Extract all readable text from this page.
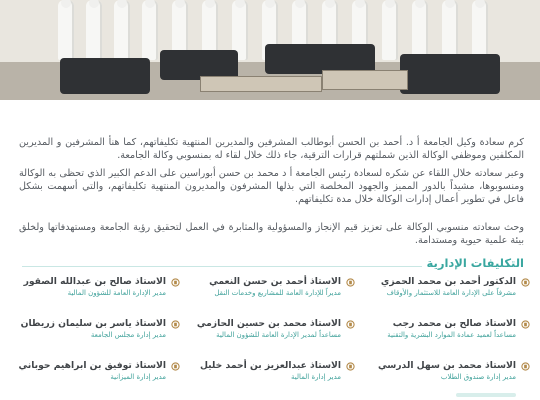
كرم سعادة وكيل الجامعة أ د. أحمد بن الحسن أبوطالب المشرفين والمديرين المنتهية تكليفاتهم، كما هنأ المشرفين و المديرين المكلفين وموظفي الوكالة الذين شملتهم قرارات الترقية، جاء ذلك خلال لقاء له بمنسوبي وكالة الجامعة.

وعبر سعادته خلال اللقاء عن شكره لسعادة رئيس الجامعة أ د محمد بن حسن أبوراسين على الدعم الكبير الذي تحظى به الوكالة ومنسوبوها، مشيداً بالدور المميز والجهود المخلصة التي بذلها المشرفون والمديرون المنتهية تكليفاتهم، والتي أسهمت بشكل فاعل في تطوير أعمال إدارات الوكالة خلال مدة تكليفاتهم.

وحث سعادته منسوبي الوكالة على تعزيز قيم الإنجاز والمسؤولية والمثابرة في العمل لتحقيق رؤية الجامعة ومستهدفاتها ولخلق بيئة علمية حيوية ومستدامة.

التكليفات الإدارية
الدكتور أحمد بن محمد الحمزي
مشرفاً على الإدارة العامة للاستثمار والأوقاف
الاستاذ أحمد بن حسن النعمي
مديراً للإدارة العامة للمشاريع وخدمات النقل
الاستاذ صالح بن عبدالله الصقور
مدير الإدارة العامة للشؤون المالية
الاستاذ صالح بن محمد رجب
مساعداً لعميد عمادة الموارد البشرية والتقنية
الاستاذ محمد بن حسين الحازمي
مساعداً لمدير الإدارة العامة للشؤون المالية
الاستاذ ياسر بن سليمان زريطان
مدير إدارة مجلس الجامعة
الاستاذ محمد بن سهل الدرسي
مدير إدارة صندوق الطلاب
الاستاذ عبدالعزيز بن أحمد خليل
مدير إدارة المالية
الاستاذ توفيق بن ابراهيم حوباني
مدير إدارة الميزانية
